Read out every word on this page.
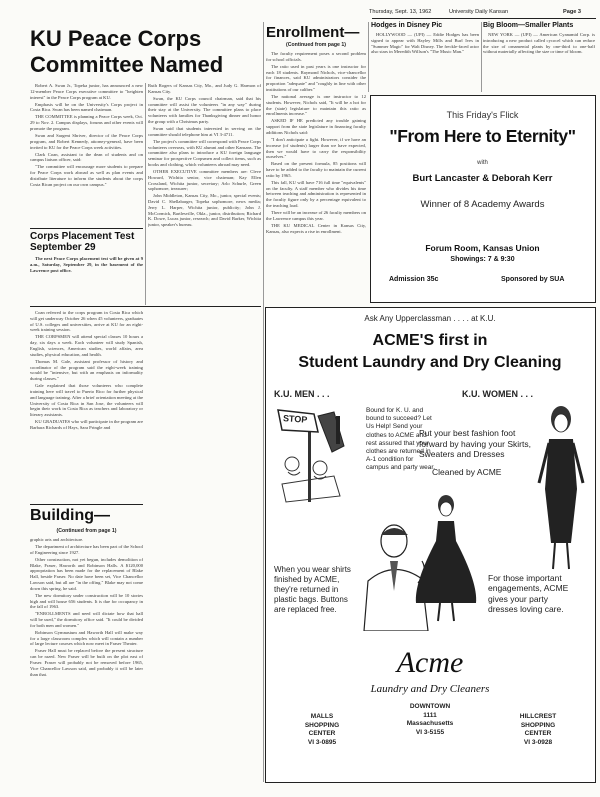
Thursday, Sept. 13, 1962	University Daily Kansan	Page 3
KU Peace Corps Committee Named

Robert A. Swan Jr., Topeka junior, has announced a new 12-member Peace Corps executive committee to "heighten interest" in the Peace Corps program at KU.

Emphasis will be on the University's Corps project in Costa Rica. Swan has been named chairman.

THE COMMITTEE is planning a Peace Corps week, Oct. 29 to Nov. 2. Campus displays, forums and other events will promote the program.

Swan and Sargent Shriver, director of the Peace Corps program, and Robert Kennedy, attorney-general, have been invited to KU for the Peace Corps week activities.

Clark Coan, assistant to the dean of students and on campus liaison officer, said:

"The committee will encourage more students to prepare for Peace Corps work abroad as well as plan events and distribute literature to inform the students about the corps Costa Rican project on our own campus."

Ruth Rogers of Kansas City, Mo., and Judy G. Harmon of Kansas City.

Swan, the KU Corps council chairman, said that his committee will assist the volunteers "in any way" during their stay at the University. The committee plans to place volunteers with families for Thanksgiving dinner and honor the group with a Christmas party.

Swan said that students interested in serving on the committee should telephone him at VI 3-4711.

The project's committee will correspond with Peace Corps volunteers overseas, with KU alumni and other Kansans. The committee also plans to introduce a KU foreign language seminar for prospective Corpsmen and collect items, such as books and clothing, which volunteers abroad may need.

OTHER EXECUTIVE committee members are: Cleve Howard, Wichita senior, vice chairman; Kay Ellen Crossland, Wichita junior, secretary; Arlo Schurle, Green sophomore, treasurer;

John Middleton, Kansas City, Mo., junior, special events; David C. Shellabarger, Topeka sophomore, news media; Jerry L. Harper, Wichita junior, publicity; John J. McCormick, Bartlesville, Okla., junior, distribution; Richard K. Dowe, Lucas junior, research; and David Barker, Wichita junior, speaker's bureau.

Corps Placement Test September 29

The next Peace Corps placement test will be given at 9 a.m., Saturday, September 29, in the basement of the Lawrence post office.

Coan referred to the corps program in Costa Rica which will get underway October 26 when 45 volunteers, graduates of U.S. colleges and universities, arrive at KU for an eight-week training session.

THE CORPSMEN will attend special classes 10 hours a day, six days a week. Each volunteer will study Spanish, English, sciences, American studies, world affairs, area studies, physical education, and health.

Thomas M. Gale, assistant professor of history and coordinator of the program said the eight-week training would be "intensive, but with an emphasis on informality during classes."

Gale explained that those volunteers who complete training here will travel to Puerto Rico for further physical and language training. After a brief orientation meeting at the University of Costa Rica in San Jose, the volunteers will begin their work in Costa Rica as teachers and laboratory or literary assistants.

KU GRADUATES who will participate in the program are Barbara Richards of Hays, Sara Pringle and

Building—
(Continued from page 1)

graphic arts and architecture.

The department of architecture has been part of the School of Engineering since 1927.

Other construction, not yet begun, includes demolition of Blake, Fraser, Haworth and Robinson Halls. A $120,000 appropriation has been made for the replacement of Blake Hall, beside Fraser. No date have been set, Vice Chancellor Lawson said, but all are "in the offing." Blake may not come down this spring, he said.

The new dormitory under construction will be 10 stories high and will house 656 students. It is due for occupancy in the fall of 1963.

"ENROLLMENTS and need will dictate how that hall will be used," the dormitory office said. "It could be divided for both men and women."

Robinson Gymnasium and Haworth Hall will make way for a large classroom complex which will contain a number of large lecture courses which now meet in Fraser Theater.

Fraser Hall must be replaced before the present structure can be razed. New Fraser will be built on the plot east of Fraser. Fraser will probably not be removed before 1965, Vice Chancellor Lawson said, and probably it will be later than that.

Enrollment—
(Continued from page 1)

The faculty requirement poses a second problem for school officials.

The ratio used in past years is one instructor for each 18 students. Raymond Nichols, vice-chancellor for finances, said KU administrators consider the proportion "adequate" and "roughly in line with other institutions of our caliber."

The national average is one instructor to 12 students. However, Nichols said, "It will be a hot for the (state) legislature to maintain this ratio as enrollments increase."

ASKED IF HE predicted any trouble gaining support from the state legislature in financing faculty additions Nichols said:

"I don't anticipate a fight. However, if we have an increase (of students) larger than we have expected, then we would have to carry the responsibility ourselves."

Based on the present formula, 85 positions will have to be added to the faculty to maintain the current ratio by 1965.

This fall, KU will have 716 full time "equivalents" on the faculty. A staff member who divides his time between teaching and administration is represented in the faculty figure only by a percentage equivalent to the teaching load.

There will be an increase of 26 faculty members on the Lawrence campus this year.

THE KU MEDICAL Center in Kansas City, Kansas, also expects a rise in enrollment.

Hodges in Disney Pic

HOLLYWOOD — (UPI) — Eddie Hodges has been signed to appear with Hayley Mills and Burl Ives in "Summer Magic" for Walt Disney. The freckle-faced actor also stars in Meredith Willson's "The Music Man."

Big Bloom—Smaller Plants

NEW YORK — (UPI) — American Cyanamid Corp. is introducing a new product called cycocel which can reduce the size of ornamental plants by one-third to one-half without materially affecting the size or time of bloom.

This Friday's Flick
"From Here to Eternity"
with
Burt Lancaster & Deborah Kerr
Winner of 8 Academy Awards
Forum Room, Kansas Union
Showings: 7 & 9:30
Admission 35c	Sponsored by SUA
Ask Any Upperclassman . . . . at K.U.
ACME'S first in
Student Laundry and Dry Cleaning
K.U. MEN . . .	K.U. WOMEN . . .
STOP
Bound for K. U. and bound to succeed? Let Us Help! Send your clothes to ACME and rest assured that your clothes are returned in A-1 condition for campus and party wear.
When you wear shirts finished by ACME, they're returned in plastic bags. Buttons are replaced free.
Put your best fashion foot forward by having your Skirts, Sweaters and Dresses
Cleaned by ACME
For those important engagements, ACME gives your party dresses loving care.
Acme
Laundry and Dry Cleaners
MALLS
SHOPPING
CENTER
VI 3-0895
DOWNTOWN
1111
Massachusetts
VI 3-5155
HILLCREST
SHOPPING
CENTER
VI 3-0928
